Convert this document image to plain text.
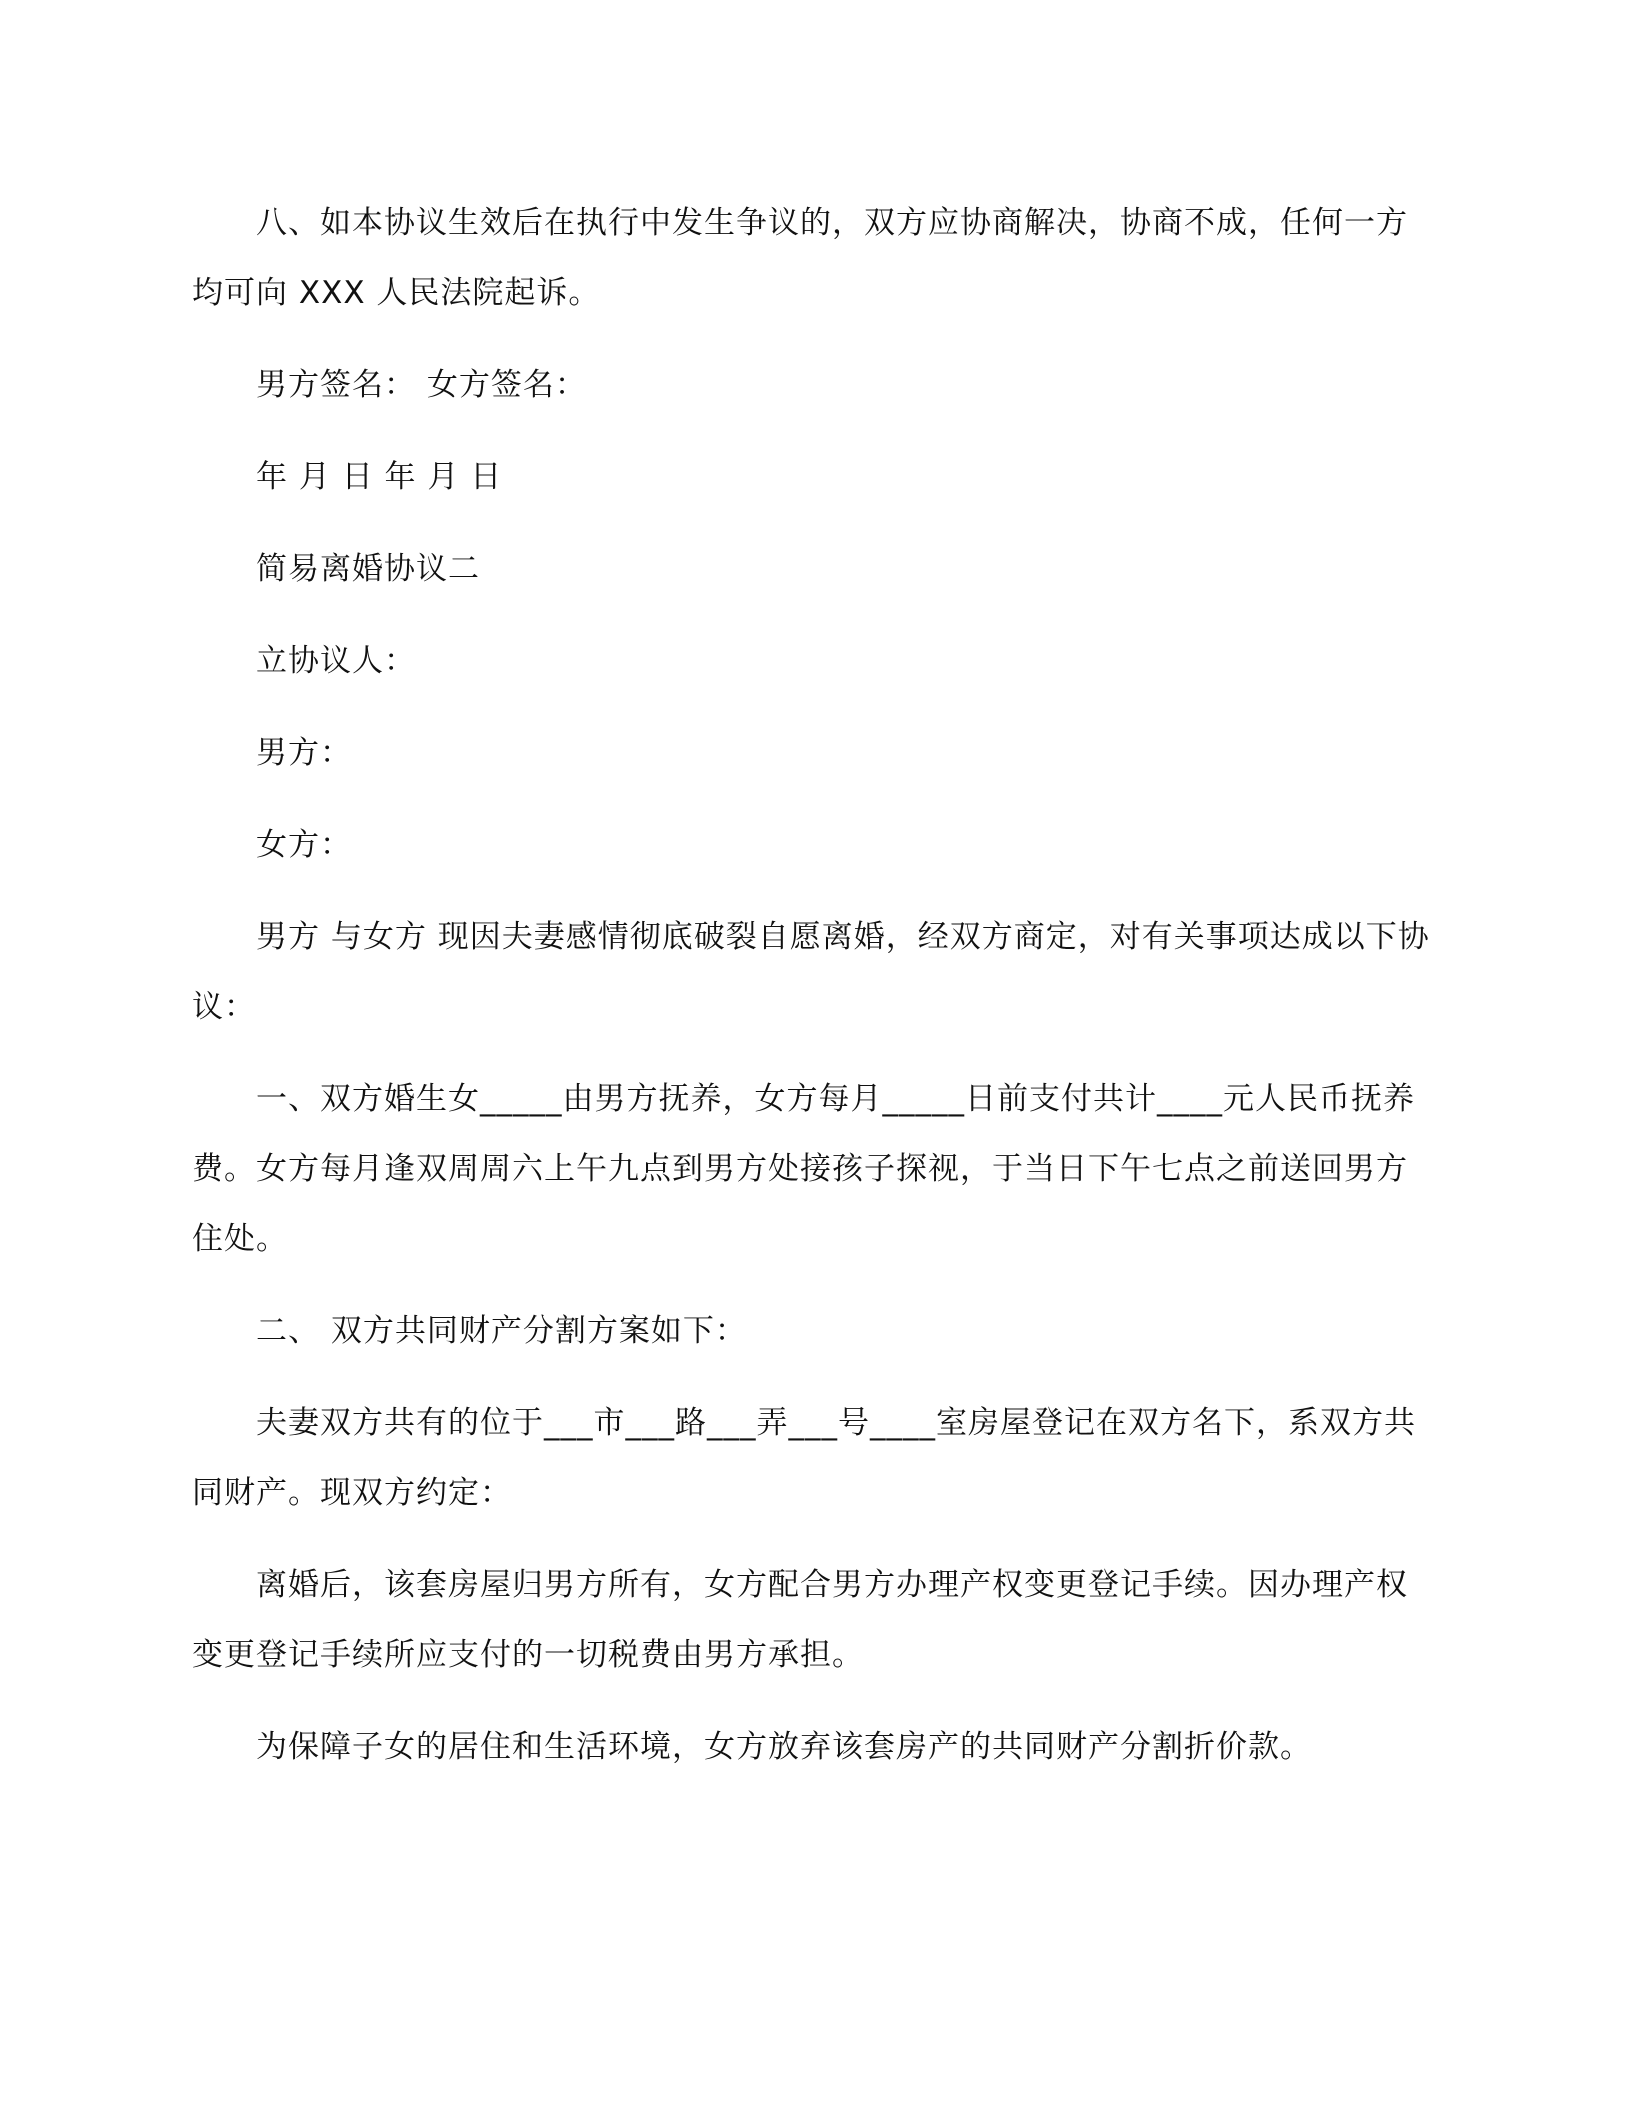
八、如本协议生效后在执行中发生争议的，双方应协商解决，协商不成，任何一方均可向 XXX 人民法院起诉。

男方签名： 女方签名：

年 月 日 年 月 日

简易离婚协议二

立协议人：

男方：

女方：

男方 与女方 现因夫妻感情彻底破裂自愿离婚，经双方商定，对有关事项达成以下协议：

一、双方婚生女_____由男方抚养，女方每月_____日前支付共计____元人民币抚养费。女方每月逢双周周六上午九点到男方处接孩子探视，于当日下午七点之前送回男方住处。

二、 双方共同财产分割方案如下：

夫妻双方共有的位于___市___路___弄___号____室房屋登记在双方名下，系双方共同财产。现双方约定：

离婚后，该套房屋归男方所有，女方配合男方办理产权变更登记手续。因办理产权变更登记手续所应支付的一切税费由男方承担。

为保障子女的居住和生活环境，女方放弃该套房产的共同财产分割折价款。
